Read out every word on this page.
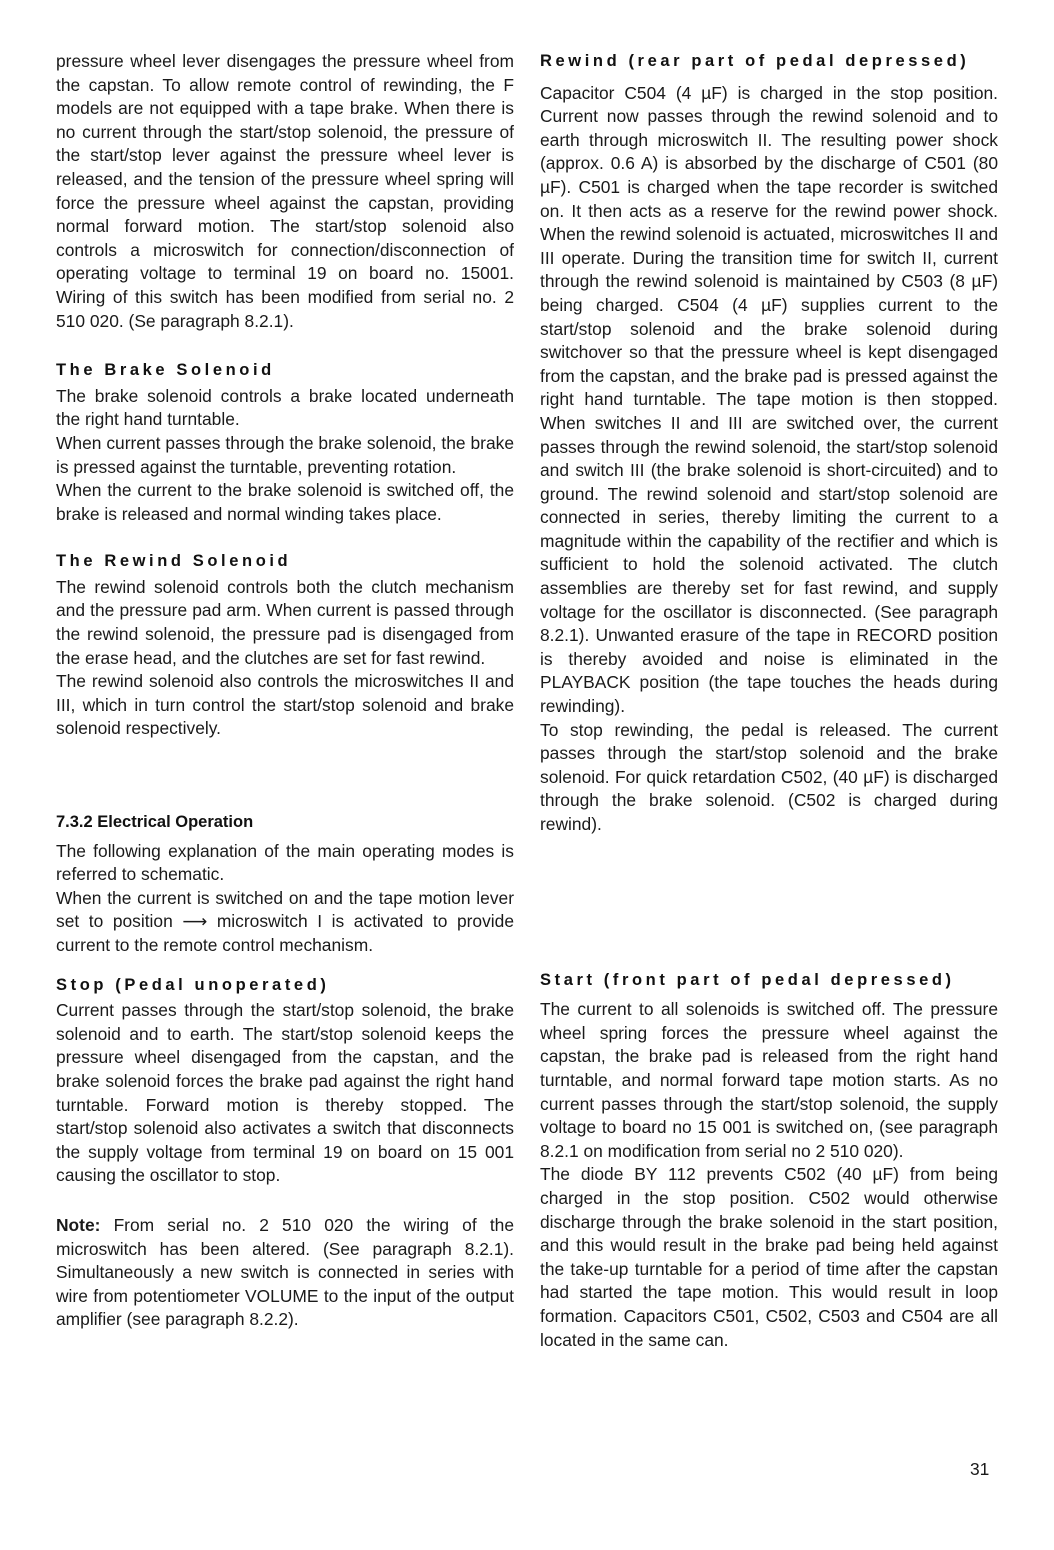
pressure wheel lever disengages the pressure wheel from the capstan. To allow remote control of rewinding, the F models are not equipped with a tape brake. When there is no current through the start/stop solenoid, the pressure of the start/stop lever against the pressure wheel lever is released, and the tension of the pressure wheel spring will force the pressure wheel against the capstan, providing normal forward motion. The start/stop solenoid also controls a microswitch for connection/disconnection of operating voltage to terminal 19 on board no. 15001. Wiring of this switch has been modified from serial no. 2 510 020. (Se paragraph 8.2.1).

The Brake Solenoid

The brake solenoid controls a brake located underneath the right hand turntable.

When current passes through the brake solenoid, the brake is pressed against the turntable, preventing rotation.

When the current to the brake solenoid is switched off, the brake is released and normal winding takes place.

The Rewind Solenoid

The rewind solenoid controls both the clutch mechanism and the pressure pad arm. When current is passed through the rewind solenoid, the pressure pad is disengaged from the erase head, and the clutches are set for fast rewind.

The rewind solenoid also controls the microswitches II and III, which in turn control the start/stop solenoid and brake solenoid respectively.

7.3.2 Electrical Operation

The following explanation of the main operating modes is referred to schematic.

When the current is switched on and the tape motion lever set to position ⟶ microswitch I is activated to provide current to the remote control mechanism.

Stop (Pedal unoperated)

Current passes through the start/stop solenoid, the brake solenoid and to earth. The start/stop solenoid keeps the pressure wheel disengaged from the capstan, and the brake solenoid forces the brake pad against the right hand turntable. Forward motion is thereby stopped. The start/stop solenoid also activates a switch that disconnects the supply voltage from terminal 19 on board on 15 001 causing the oscillator to stop.

Note: From serial no. 2 510 020 the wiring of the microswitch has been altered. (See paragraph 8.2.1). Simultaneously a new switch is connected in series with wire from potentiometer VOLUME to the input of the output amplifier (see paragraph 8.2.2).

Rewind (rear part of pedal depressed)

Capacitor C504 (4 µF) is charged in the stop position. Current now passes through the rewind solenoid and to earth through microswitch II. The resulting power shock (approx. 0.6 A) is absorbed by the discharge of C501 (80 µF). C501 is charged when the tape recorder is switched on. It then acts as a reserve for the rewind power shock. When the rewind solenoid is actuated, microswitches II and III operate. During the transition time for switch II, current through the rewind solenoid is maintained by C503 (8 µF) being charged. C504 (4 µF) supplies current to the start/stop solenoid and the brake solenoid during switchover so that the pressure wheel is kept disengaged from the capstan, and the brake pad is pressed against the right hand turntable. The tape motion is then stopped. When switches II and III are switched over, the current passes through the rewind solenoid, the start/stop solenoid and switch III (the brake solenoid is short-circuited) and to ground. The rewind solenoid and start/stop solenoid are connected in series, thereby limiting the current to a magnitude within the capability of the rectifier and which is sufficient to hold the solenoid activated. The clutch assemblies are thereby set for fast rewind, and supply voltage for the oscillator is disconnected. (See paragraph 8.2.1). Unwanted erasure of the tape in RECORD position is thereby avoided and noise is eliminated in the PLAYBACK position (the tape touches the heads during rewinding).

To stop rewinding, the pedal is released. The current passes through the start/stop solenoid and the brake solenoid. For quick retardation C502, (40 µF) is discharged through the brake solenoid. (C502 is charged during rewind).

Start (front part of pedal depressed)

The current to all solenoids is switched off. The pressure wheel spring forces the pressure wheel against the capstan, the brake pad is released from the right hand turntable, and normal forward tape motion starts. As no current passes through the start/stop solenoid, the supply voltage to board no 15 001 is switched on, (see paragraph 8.2.1 on modification from serial no 2 510 020).

The diode BY 112 prevents C502 (40 µF) from being charged in the stop position. C502 would otherwise discharge through the brake solenoid in the start position, and this would result in the brake pad being held against the take-up turntable for a period of time after the capstan had started the tape motion. This would result in loop formation. Capacitors C501, C502, C503 and C504 are all located in the same can.

31
